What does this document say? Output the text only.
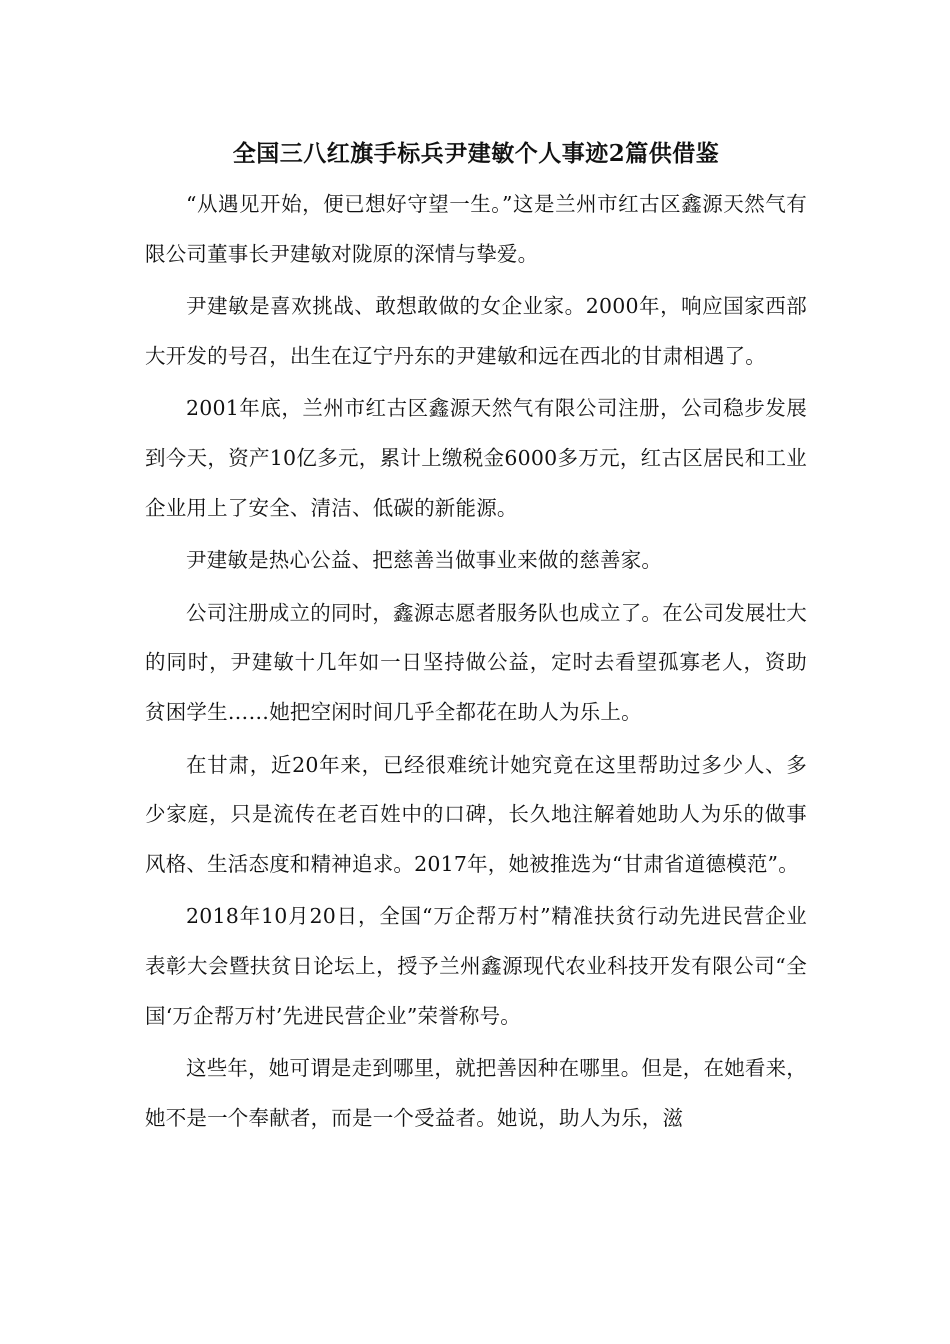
全国三八红旗手标兵尹建敏个人事迹2篇供借鉴

“从遇见开始，便已想好守望一生。”这是兰州市红古区鑫源天然气有限公司董事长尹建敏对陇原的深情与挚爱。

尹建敏是喜欢挑战、敢想敢做的女企业家。2000年，响应国家西部大开发的号召，出生在辽宁丹东的尹建敏和远在西北的甘肃相遇了。

2001年底，兰州市红古区鑫源天然气有限公司注册，公司稳步发展到今天，资产10亿多元，累计上缴税金6000多万元，红古区居民和工业企业用上了安全、清洁、低碳的新能源。

尹建敏是热心公益、把慈善当做事业来做的慈善家。

公司注册成立的同时，鑫源志愿者服务队也成立了。在公司发展壮大的同时，尹建敏十几年如一日坚持做公益，定时去看望孤寡老人，资助贫困学生……她把空闲时间几乎全都花在助人为乐上。

在甘肃，近20年来，已经很难统计她究竟在这里帮助过多少人、多少家庭，只是流传在老百姓中的口碑，长久地注解着她助人为乐的做事风格、生活态度和精神追求。2017年，她被推选为“甘肃省道德模范”。

2018年10月20日，全国“万企帮万村”精准扶贫行动先进民营企业表彰大会暨扶贫日论坛上，授予兰州鑫源现代农业科技开发有限公司“全国‘万企帮万村’先进民营企业”荣誉称号。

这些年，她可谓是走到哪里，就把善因种在哪里。但是，在她看来，她不是一个奉献者，而是一个受益者。她说，助人为乐，滋
